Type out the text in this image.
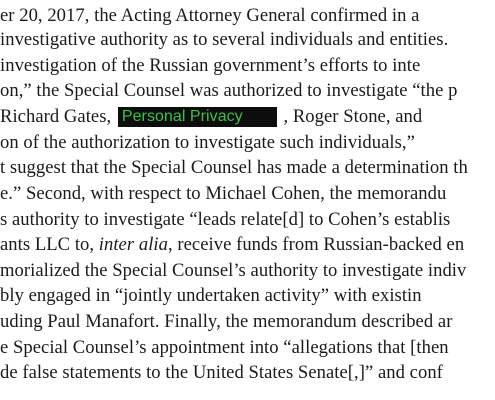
er 20, 2017, the Acting Attorney General confirmed in a
investigative authority as to several individuals and entities.
investigation of the Russian government’s efforts to inte
on,” the Special Counsel was authorized to investigate “the p
Richard Gates, Personal Privacy , Roger Stone, and
on of the authorization to investigate such individuals,”
t suggest that the Special Counsel has made a determination th
e.” Second, with respect to Michael Cohen, the memorandu
s authority to investigate “leads relate[d] to Cohen’s establis
ants LLC to, inter alia, receive funds from Russian-backed en
morialized the Special Counsel’s authority to investigate indiv
bly engaged in “jointly undertaken activity” with existin
uding Paul Manafort. Finally, the memorandum described ar
e Special Counsel’s appointment into “allegations that [then
de false statements to the United States Senate[,]” and conf
